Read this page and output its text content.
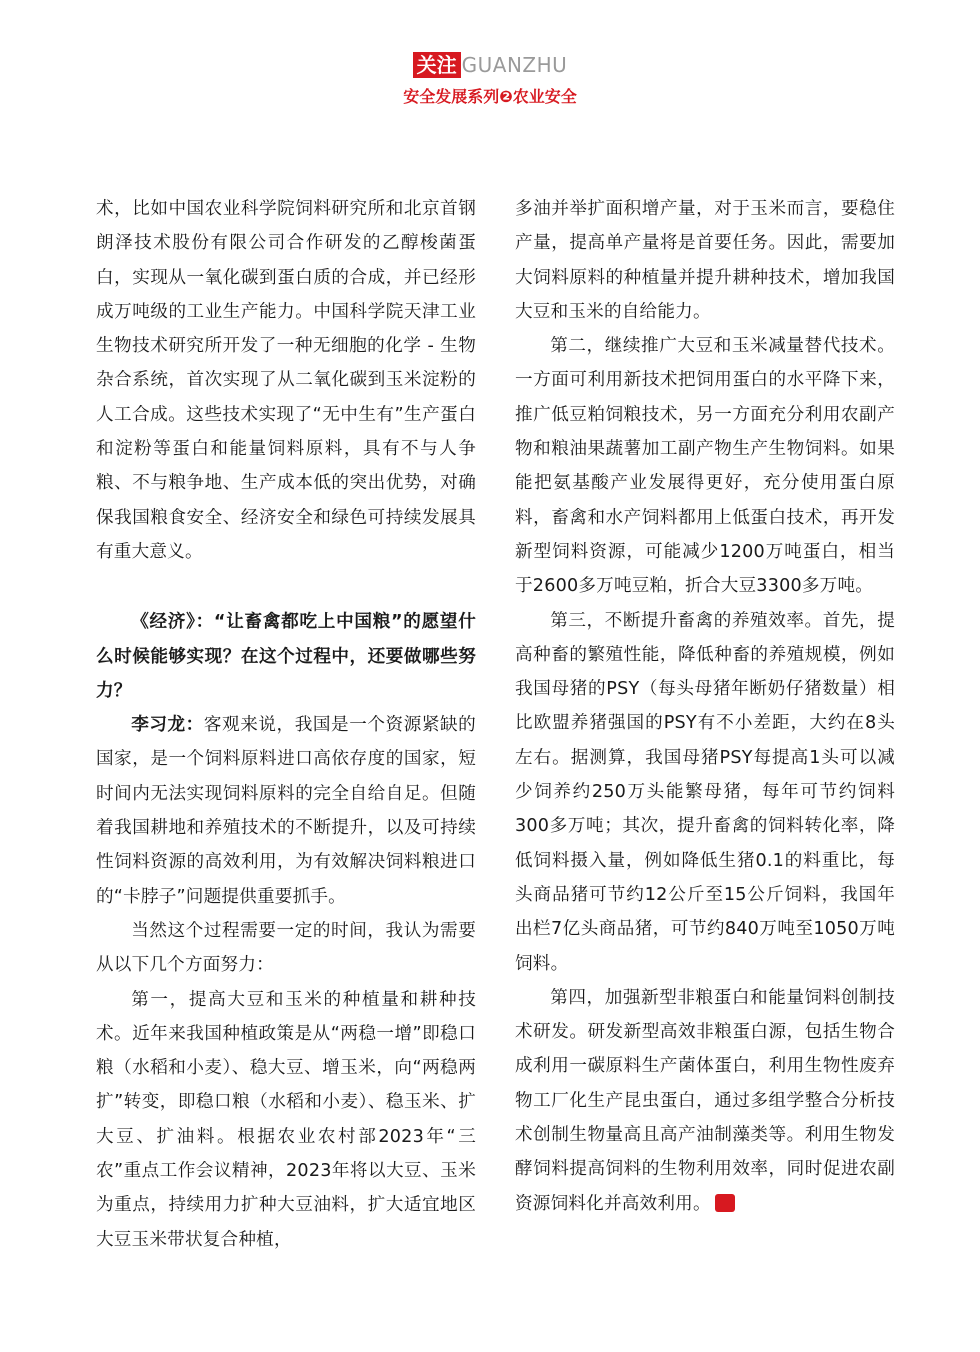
关注 GUANZHU
安全发展系列❷农业安全

术，比如中国农业科学院饲料研究所和北京首钢朗泽技术股份有限公司合作研发的乙醇梭菌蛋白，实现从一氧化碳到蛋白质的合成，并已经形成万吨级的工业生产能力。中国科学院天津工业生物技术研究所开发了一种无细胞的化学 - 生物杂合系统，首次实现了从二氧化碳到玉米淀粉的人工合成。这些技术实现了“无中生有”生产蛋白和淀粉等蛋白和能量饲料原料，具有不与人争粮、不与粮争地、生产成本低的突出优势，对确保我国粮食安全、经济安全和绿色可持续发展具有重大意义。

《经济》：“让畜禽都吃上中国粮”的愿望什么时候能够实现？在这个过程中，还要做哪些努力？

李习龙：客观来说，我国是一个资源紧缺的国家，是一个饲料原料进口高依存度的国家，短时间内无法实现饲料原料的完全自给自足。但随着我国耕地和养殖技术的不断提升，以及可持续性饲料资源的高效利用，为有效解决饲料粮进口的“卡脖子”问题提供重要抓手。

当然这个过程需要一定的时间，我认为需要从以下几个方面努力：

第一，提高大豆和玉米的种植量和耕种技术。近年来我国种植政策是从“两稳一增”即稳口粮（水稻和小麦）、稳大豆、增玉米，向“两稳两扩”转变，即稳口粮（水稻和小麦）、稳玉米、扩大豆、扩油料。根据农业农村部2023年“三农”重点工作会议精神，2023年将以大豆、玉米为重点，持续用力扩种大豆油料，扩大适宜地区大豆玉米带状复合种植，

多油并举扩面积增产量，对于玉米而言，要稳住产量，提高单产量将是首要任务。因此，需要加大饲料原料的种植量并提升耕种技术，增加我国大豆和玉米的自给能力。

第二，继续推广大豆和玉米减量替代技术。一方面可利用新技术把饲用蛋白的水平降下来，推广低豆粕饲粮技术，另一方面充分利用农副产物和粮油果蔬薯加工副产物生产生物饲料。如果能把氨基酸产业发展得更好，充分使用蛋白原料，畜禽和水产饲料都用上低蛋白技术，再开发新型饲料资源，可能减少1200万吨蛋白，相当于2600多万吨豆粕，折合大豆3300多万吨。

第三，不断提升畜禽的养殖效率。首先，提高种畜的繁殖性能，降低种畜的养殖规模，例如我国母猪的PSY（每头母猪年断奶仔猪数量）相比欧盟养猪强国的PSY有不小差距，大约在8头左右。据测算，我国母猪PSY每提高1头可以减少饲养约250万头能繁母猪，每年可节约饲料300多万吨；其次，提升畜禽的饲料转化率，降低饲料摄入量，例如降低生猪0.1的料重比，每头商品猪可节约12公斤至15公斤饲料，我国年出栏7亿头商品猪，可节约840万吨至1050万吨饲料。

第四，加强新型非粮蛋白和能量饲料创制技术研发。研发新型高效非粮蛋白源，包括生物合成利用一碳原料生产菌体蛋白，利用生物性废弃物工厂化生产昆虫蛋白，通过多组学整合分析技术创制生物量高且高产油制藻类等。利用生物发酵饲料提高饲料的生物利用效率，同时促进农副资源饲料化并高效利用。	e
